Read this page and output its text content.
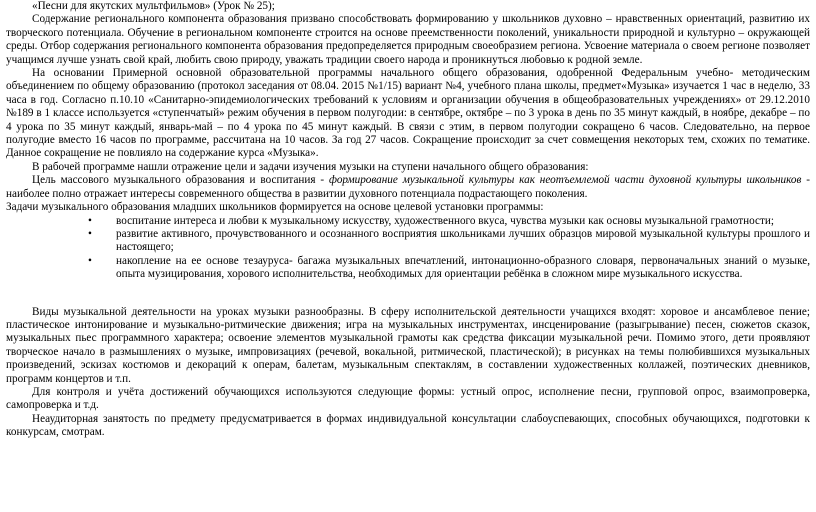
«Песни для якутских мультфильмов» (Урок № 25);

Содержание регионального компонента образования призвано способствовать формированию у школьников духовно – нравственных ориентаций, развитию их творческого потенциала. Обучение в региональном компоненте строится на основе преемственности поколений, уникальности природной и культурно – окружающей среды. Отбор содержания регионального компонента образования предопределяется природным своеобразием регионa. Усвоение материала о своем регионе позволяет учащимся лучше узнать свой край, любить свою природу, уважать традиции своего народа и проникнуться любовью к родной земле.

На основании Примерной основной образовательной программы начального общего образования, одобренной Федеральным учебно- методическим объединением по общему образованию (протокол заседания от 08.04. 2015 №1/15) вариант №4, учебного плана школы, предмет«Музыка» изучается 1 час в неделю, 33 часа в год. Согласно п.10.10 «Санитарно-эпидемиологических требований к условиям и организации обучения в общеобразовательных учреждениях» от 29.12.2010 №189 в 1 классе используется «ступенчатый» режим обучения в первом полугодии: в сентябре, октябре – по 3 урока в день по 35 минут каждый, в ноябре, декабре – по 4 урока по 35 минут каждый, январь-май – по 4 урока по 45 минут каждый. В связи с этим, в первом полугодии сокращено 6 часов. Следовательно, на первое полугодие вместо 16 часов по программе, рассчитана на 10 часов. За год 27 часов. Сокращение происходит за счет совмещения некоторых тем, схожих по тематике. Данное сокращение не повлияло на содержание курса «Музыка».

В рабочей программе нашли отражение цели и задачи изучения музыки на ступени начального общего образования:

Цель массового музыкального образования и воспитания - формирование музыкальной культуры как неотъемлемой части духовной культуры школьников - наиболее полно отражает интересы современного общества в развитии духовного потенциала подрастающего поколения.

Задачи музыкального образования младших школьников формируется на основе целевой установки программы:

• воспитание интереса и любви к музыкальному искусству, художественного вкуса, чувства музыки как основы музыкальной грамотности;

• развитие активного, прочувствованного и осознанного восприятия школьниками лучших образцов мировой музыкальной культуры прошлого и настоящего;

• накопление на ее основе тезауруса- багажа музыкальных впечатлений, интонационно-образного словаря, первоначальных знаний о музыке, опыта музицирования, хорового исполнительства, необходимых для ориентации ребёнка в сложном мире музыкального искусства.

Виды музыкальной деятельности на уроках музыки разнообразны. В сферу исполнительской деятельности учащихся входят: хоровое и ансамблевое пение; пластическое интонирование и музыкально-ритмические движения; игра на музыкальных инструментах, инсценирование (разыгрывание) песен, сюжетов сказок, музыкальных пьес программного характера; освоение элементов музыкальной грамоты как средства фиксации музыкальной речи. Помимо этого, дети проявляют творческое начало в размышлениях о музыке, импровизациях (речевой, вокальной, ритмической, пластической); в рисунках на темы полюбившихся музыкальных произведений, эскизах костюмов и декораций к операм, балетам, музыкальным спектаклям, в составлении художественных коллажей, поэтических дневников, программ концертов и т.п.

Для контроля и учёта достижений обучающихся используются следующие формы: устный опрос, исполнение песни, групповой опрос, взаимопроверка, самопроверка и т.д.

Неаудиторная занятость по предмету предусматривается в формах индивидуальной консультации слабоуспевающих, способных обучающихся, подготовки к конкурсам, смотрам.
